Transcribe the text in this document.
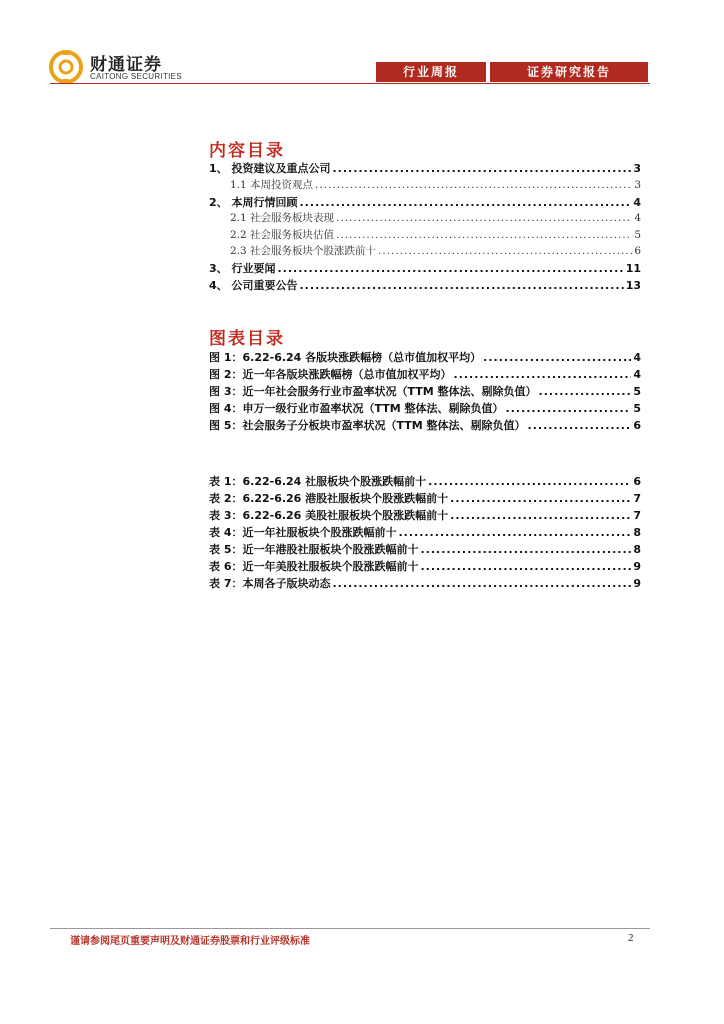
财通证券
CAITONG SECURITIES	行业周报	证券研究报告
内容目录
1、 投资建议及重点公司 .....	3
1.1 本周投资观点 .....	3
2、 本周行情回顾 .....	4
2.1 社会服务板块表现 .....	4
2.2 社会服务板块估值 .....	5
2.3 社会服务板块个股涨跌前十 .....	6
3、 行业要闻 .....	11
4、 公司重要公告 .....	13
图表目录
图 1：6.22-6.24 各版块涨跌幅榜（总市值加权平均） .....	4
图 2：近一年各版块涨跌幅榜（总市值加权平均） .....	4
图 3：近一年社会服务行业市盈率状况（TTM 整体法、剔除负值） .....	5
图 4：申万一级行业市盈率状况（TTM 整体法、剔除负值） .....	5
图 5：社会服务子分板块市盈率状况（TTM 整体法、剔除负值） .....	6
表 1：6.22-6.24 社服板块个股涨跌幅前十 .....	6
表 2：6.22-6.26 港股社服板块个股涨跌幅前十 .....	7
表 3：6.22-6.26 美股社服板块个股涨跌幅前十 .....	7
表 4：近一年社服板块个股涨跌幅前十 .....	8
表 5：近一年港股社服板块个股涨跌幅前十 .....	8
表 6：近一年美股社服板块个股涨跌幅前十 .....	9
表 7：本周各子版块动态 .....	9
谨请参阅尾页重要声明及财通证券股票和行业评级标准	2
